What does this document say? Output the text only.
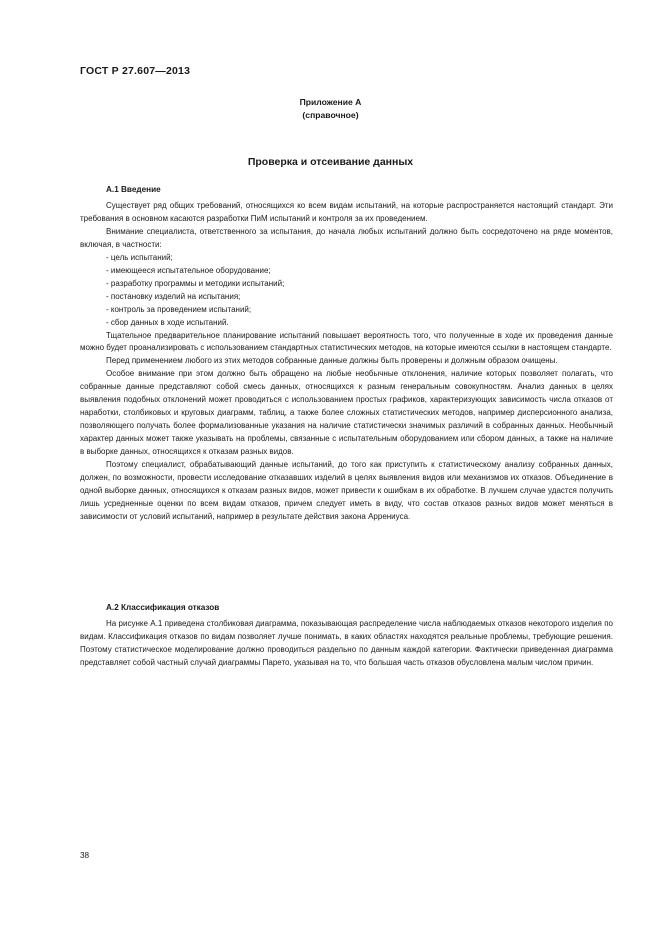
ГОСТ Р 27.607—2013
Приложение А
(справочное)
Проверка и отсеивание данных
А.1 Введение

Существует ряд общих требований, относящихся ко всем видам испытаний, на которые распространяется настоящий стандарт. Эти требования в основном касаются разработки ПиМ испытаний и контроля за их проведением.

Внимание специалиста, ответственного за испытания, до начала любых испытаний должно быть сосредоточено на ряде моментов, включая, в частности:

- цель испытаний;

- имеющееся испытательное оборудование;

- разработку программы и методики испытаний;

- постановку изделий на испытания;

- контроль за проведением испытаний;

- сбор данных в ходе испытаний.

Тщательное предварительное планирование испытаний повышает вероятность того, что полученные в ходе их проведения данные можно будет проанализировать с использованием стандартных статистических методов, на которые имеются ссылки в настоящем стандарте.

Перед применением любого из этих методов собранные данные должны быть проверены и должным образом очищены.

Особое внимание при этом должно быть обращено на любые необычные отклонения, наличие которых позволяет полагать, что собранные данные представляют собой смесь данных, относящихся к разным генеральным совокупностям. Анализ данных в целях выявления подобных отклонений может проводиться с использованием простых графиков, характеризующих зависимость числа отказов от наработки, столбиковых и круговых диаграмм, таблиц, а также более сложных статистических методов, например дисперсионного анализа, позволяющего получать более формализованные указания на наличие статистически значимых различий в собранных данных. Необычный характер данных может также указывать на проблемы, связанные с испытательным оборудованием или сбором данных, а также на наличие в выборке данных, относящихся к отказам разных видов.

Поэтому специалист, обрабатывающий данные испытаний, до того как приступить к статистическому анализу собранных данных, должен, по возможности, провести исследование отказавших изделий в целях выявления видов или механизмов их отказов. Объединение в одной выборке данных, относящихся к отказам разных видов, может привести к ошибкам в их обработке. В лучшем случае удастся получить лишь усредненные оценки по всем видам отказов, причем следует иметь в виду, что состав отказов разных видов может меняться в зависимости от условий испытаний, например в результате действия закона Аррениуса.

А.2 Классификация отказов

На рисунке А.1 приведена столбиковая диаграмма, показывающая распределение числа наблюдаемых отказов некоторого изделия по видам. Классификация отказов по видам позволяет лучше понимать, в каких областях находятся реальные проблемы, требующие решения. Поэтому статистическое моделирование должно проводиться раздельно по данным каждой категории. Фактически приведенная диаграмма представляет собой частный случай диаграммы Парето, указывая на то, что большая часть отказов обусловлена малым числом причин.

38
